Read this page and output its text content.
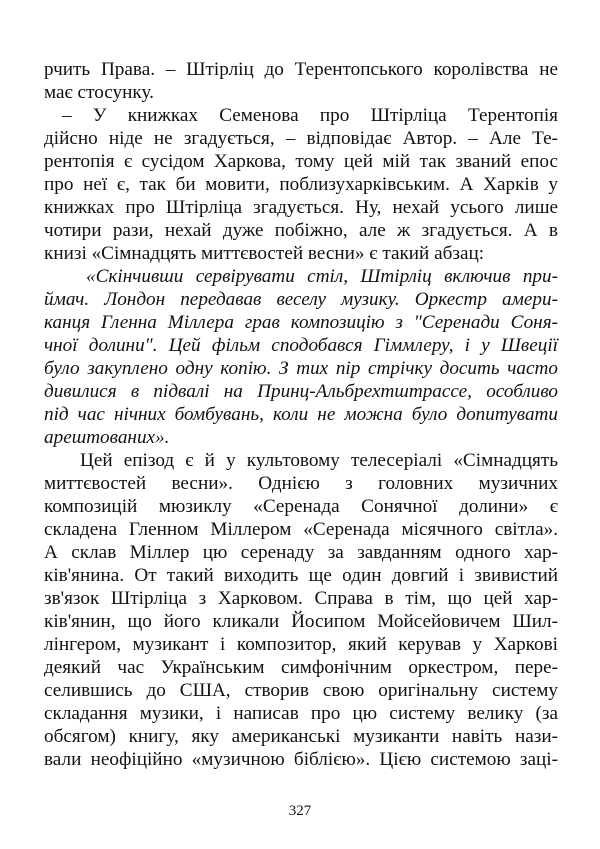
рчить Права. – Штірліц до Терентопського королівства не
має стосунку.
– У книжках Семенова про Штірліца Терентопія
дійсно ніде не згадується, – відповідає Автор. – Але Те-
рентопія є сусідом Харкова, тому цей мій так званий епос
про неї є, так би мовити, поблизухарківським. А Харків у
книжках про Штірліца згадується. Ну, нехай усього лише
чотири рази, нехай дуже побіжно, але ж згадується. А в
книзі «Сімнадцять миттєвостей весни» є такий абзац:
«Скінчивши сервірувати стіл, Штірліц включив при-
ймач. Лондон передавав веселу музику. Оркестр амери-
канця Гленна Міллера грав композицію з "Серенади Соня-
чної долини". Цей фільм сподобався Гіммлеру, і у Швеції
було закуплено одну копію. З тих пір стрічку досить часто
дивилися в підвалі на Принц-Альбрехтштрассе, особливо
під час нічних бомбувань, коли не можна було допитувати
арештованих».
Цей епізод є й у культовому телесеріалі «Сімнадцять
миттєвостей весни». Однією з головних музичних
композицій мюзиклу «Серенада Сонячної долини» є
складена Гленном Міллером «Серенада місячного світла».
А склав Міллер цю серенаду за завданням одного хар-
ків'янина. От такий виходить ще один довгий і звивистий
зв'язок Штірліца з Харковом. Справа в тім, що цей хар-
ків'янин, що його кликали Йосипом Мойсейовичем Шил-
лінгером, музикант і композитор, який керував у Харкові
деякий час Українським симфонічним оркестром, пере-
селившись до США, створив свою оригінальну систему
складання музики, і написав про цю систему велику (за
обсягом) книгу, яку американські музиканти навіть нази-
вали неофіційно «музичною біблією». Цією системою заці-
327
